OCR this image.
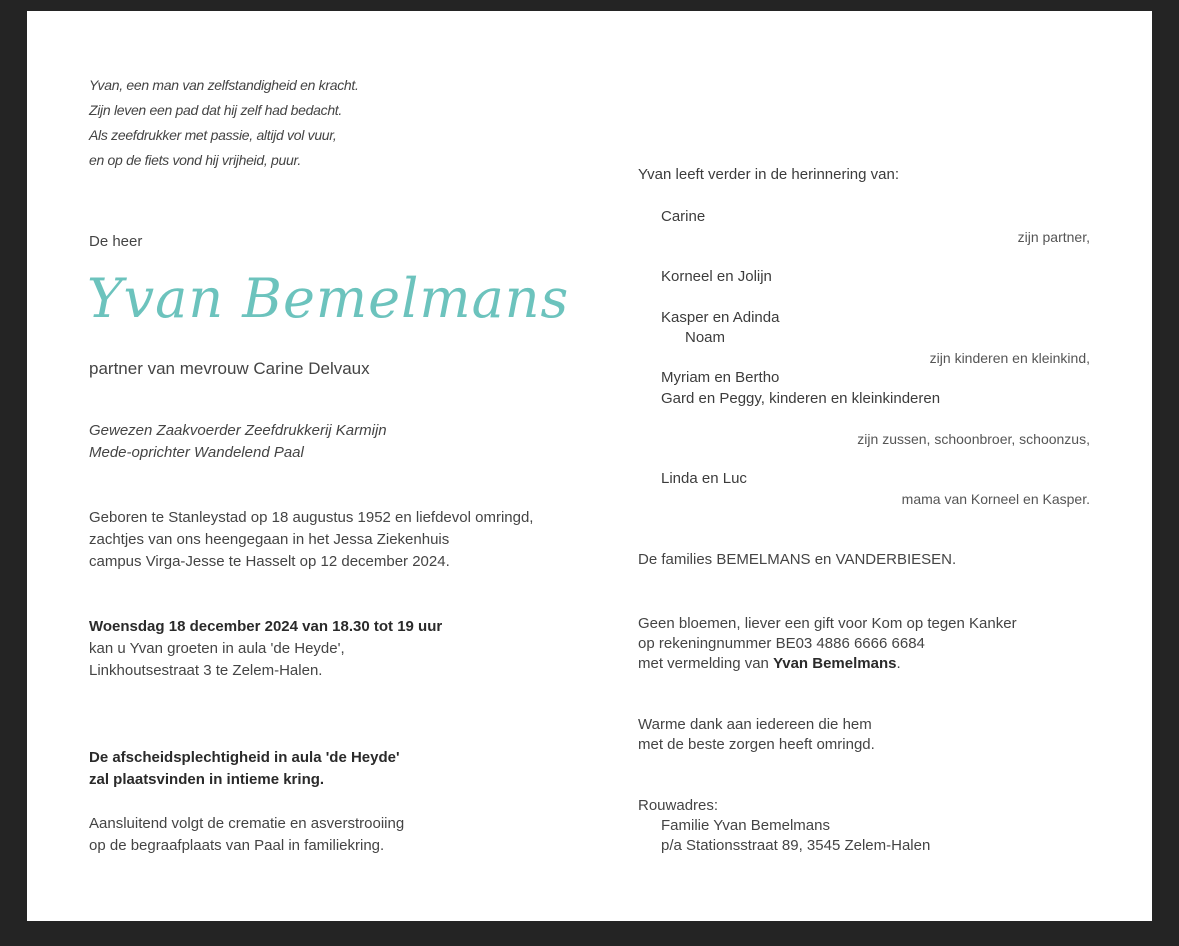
Yvan, een man van zelfstandigheid en kracht.
Zijn leven een pad dat hij zelf had bedacht.
Als zeefdrukker met passie, altijd vol vuur,
en op de fiets vond hij vrijheid, puur.
De heer
Yvan Bemelmans
partner van mevrouw Carine Delvaux
Gewezen Zaakvoerder Zeefdrukkerij Karmijn
Mede-oprichter Wandelend Paal
Geboren te Stanleystad op 18 augustus 1952 en liefdevol omringd,
zachtjes van ons heengegaan in het Jessa Ziekenhuis
campus Virga-Jesse te Hasselt op 12 december 2024.
Woensdag 18 december 2024 van 18.30 tot 19 uur
kan u Yvan groeten in aula 'de Heyde',
Linkhoutsestraat 3 te Zelem-Halen.
De afscheidsplechtigheid in aula 'de Heyde'
zal plaatsvinden in intieme kring.
Aansluitend volgt de crematie en asverstrooiing
op de begraafplaats van Paal in familiekring.
Yvan leeft verder in de herinnering van:
Carine
zijn partner,
Korneel en Jolijn
Kasper en Adinda
Noam
zijn kinderen en kleinkind,
Myriam en Bertho
Gard en Peggy, kinderen en kleinkinderen
zijn zussen, schoonbroer, schoonzus,
Linda en Luc
mama van Korneel en Kasper.
De families BEMELMANS en VANDERBIESEN.
Geen bloemen, liever een gift voor Kom op tegen Kanker
op rekeningnummer BE03 4886 6666 6684
met vermelding van Yvan Bemelmans.
Warme dank aan iedereen die hem
met de beste zorgen heeft omringd.
Rouwadres:
Familie Yvan Bemelmans
p/a Stationsstraat 89, 3545 Zelem-Halen
